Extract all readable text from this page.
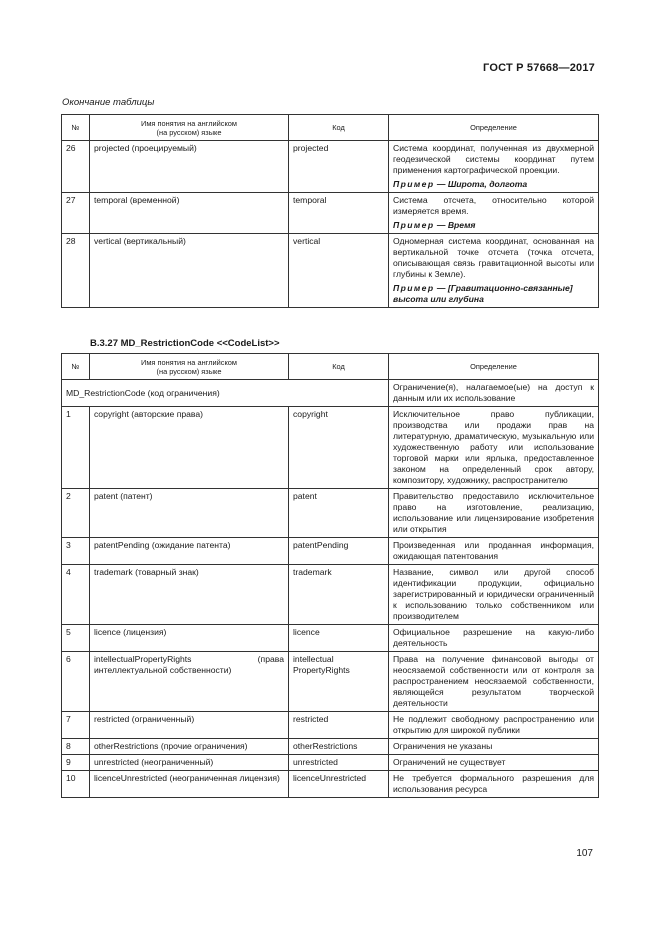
ГОСТ Р 57668—2017
Окончание таблицы
№	Имя понятия на английском
(на русском) языке	Код	Определение
26	projected (проецируемый)	projected	Система координат, полученная из двухмерной геодезической системы координат путем применения картографической проекции.
Пример — Широта, долгота

27	temporal (временной)	temporal	Система отсчета, относительно которой измеряется время.
Пример — Время

28	vertical (вертикальный)	vertical	Одномерная система координат, основанная на вертикальной точке отсчета (точка отсчета, описывающая связь гравитационной высоты или глубины к Земле).
Пример — [Гравитационно-связанные] высота или глубина
B.3.27 MD_RestrictionCode <<CodeList>>
№	Имя понятия на английском
(на русском) языке	Код	Определение
MD_RestrictionCode (код ограничения)			Ограничение(я), налагаемое(ые) на доступ к данным или их использование
1	copyright (авторские права)	copyright	Исключительное право публикации, производства или продажи прав на литературную, драматическую, музыкальную или художественную работу или использование торговой марки или ярлыка, предоставленное законом на определенный срок автору, композитору, художнику, распространителю
2	patent (патент)	patent	Правительство предоставило исключительное право на изготовление, реализацию, использование или лицензирование изобретения или открытия
3	patentPending (ожидание патента)	patentPending	Произведенная или проданная информация, ожидающая патентования
4	trademark (товарный знак)	trademark	Название, символ или другой способ идентификации продукции, официально зарегистрированный и юридически ограниченный к использованию только собственником или производителем
5	licence (лицензия)	licence	Официальное разрешение на какую-либо деятельность
6	intellectualPropertyRights (права интеллектуальной собственности)	intellectual PropertyRights	Права на получение финансовой выгоды от неосязаемой собственности или от контроля за распространением неосязаемой собственности, являющейся результатом творческой деятельности
7	restricted (ограниченный)	restricted	Не подлежит свободному распространению или открытию для широкой публики
8	otherRestrictions (прочие ограничения)	otherRestrictions	Ограничения не указаны
9	unrestricted (неограниченный)	unrestricted	Ограничений не существует
10	licenceUnrestricted (неограниченная лицензия)	licenceUnrestricted	Не требуется формального разрешения для использования ресурса
107
